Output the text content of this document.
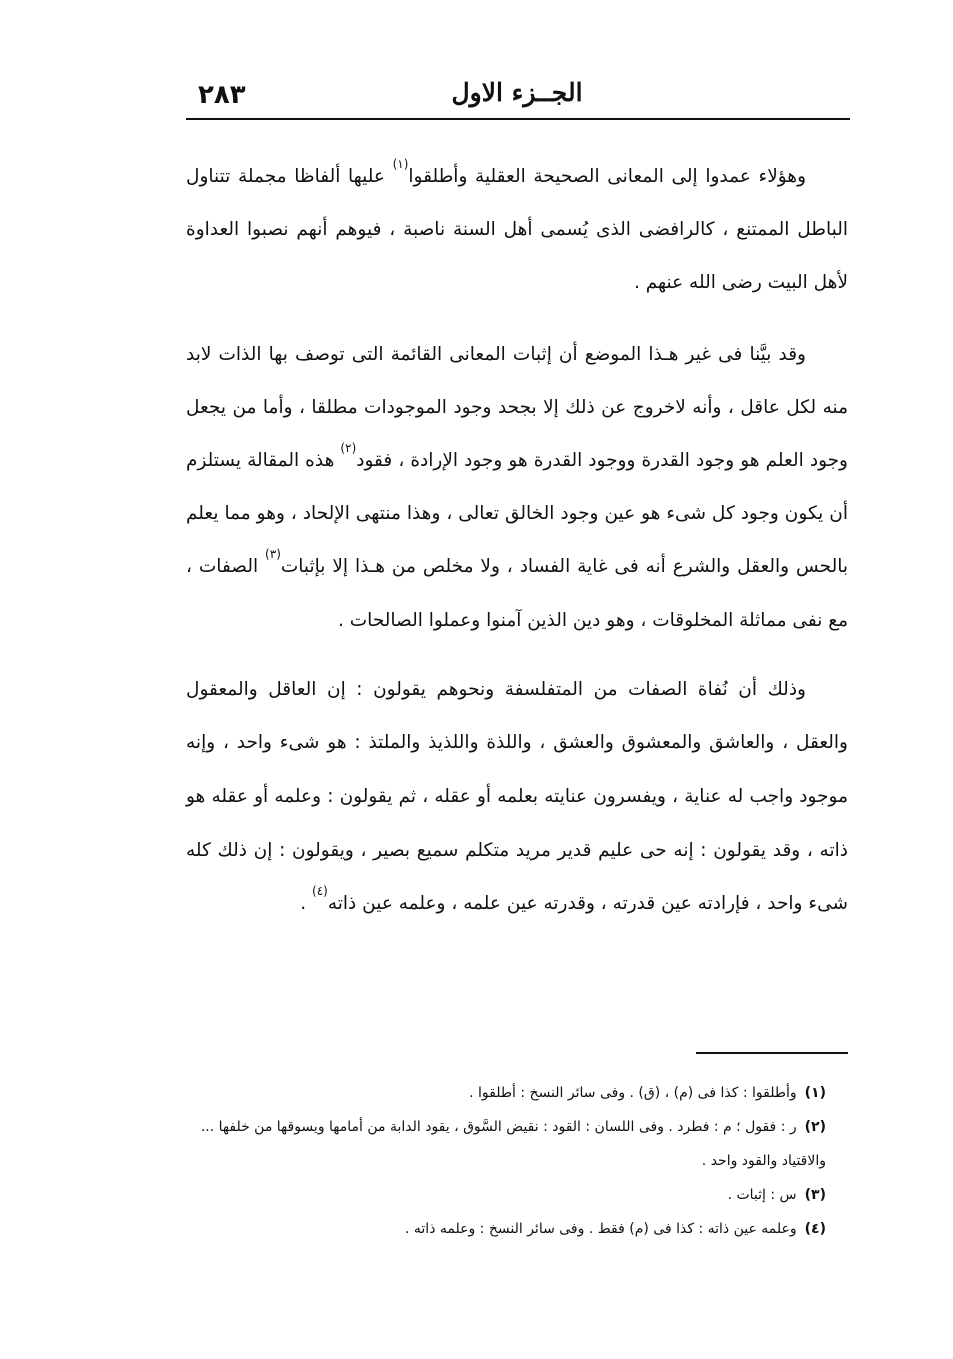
٢٨٣	الجــزء الاول

وهؤلاء عمدوا إلى المعانى الصحيحة العقلية وأطلقوا$^{(١)}$ عليها ألفاظا مجملة تتناول الباطل الممتنع ، كالرافضى الذى يُسمى أهل السنة ناصبة ، فيوهم أنهم نصبوا العداوة لأهل البيت رضى الله عنهم .

وقد بيَّنا فى غير هـذا الموضع أن إثبات المعانى القائمة التى توصف بها الذات لابد منه لكل عاقل ، وأنه لاخروج عن ذلك إلا بجحد وجود الموجودات مطلقا ، وأما من يجعل وجود العلم هو وجود القدرة ووجود القدرة هو وجود الإرادة ، فقود$^{(٢)}$ هذه المقالة يستلزم أن يكون وجود كل شىء هو عين وجود الخالق تعالى ، وهذا منتهى الإلحاد ، وهو مما يعلم بالحس والعقل والشرع أنه فى غاية الفساد ، ولا مخلص من هـذا إلا بإثبات$^{(٣)}$ الصفات ، مع نفى مماثلة المخلوقات ، وهو دين الذين آمنوا وعملوا الصالحات .

وذلك أن نُفاة الصفات من المتفلسفة ونحوهم يقولون : إن العاقل والمعقول والعقل ، والعاشق والمعشوق والعشق ، واللذة واللذيذ والملتذ : هو شىء واحد ، وإنه موجود واجب له عناية ، ويفسرون عنايته بعلمه أو عقله ، ثم يقولون : وعلمه أو عقله هو ذاته ، وقد يقولون : إنه حى عليم قدير مريد متكلم سميع بصير ، ويقولون : إن ذلك كله شىء واحد ، فإرادته عين قدرته ، وقدرته عين علمه ، وعلمه عين ذاته$^{(٤)}$ .

(١)وأطلقوا : كذا فى (م) ، (ق) . وفى سائر النسخ : أطلقوا .

(٢)ر : فقول ؛ م : فطرد . وفى اللسان : القود : نقيض السَّوق ، يقود الدابة من أمامها ويسوقها من خلفها ... والاقتياد والقود واحد .

(٣)س : إثبات .

(٤)وعلمه عين ذاته : كذا فى (م) فقط . وفى سائر النسخ : وعلمه ذاته .
